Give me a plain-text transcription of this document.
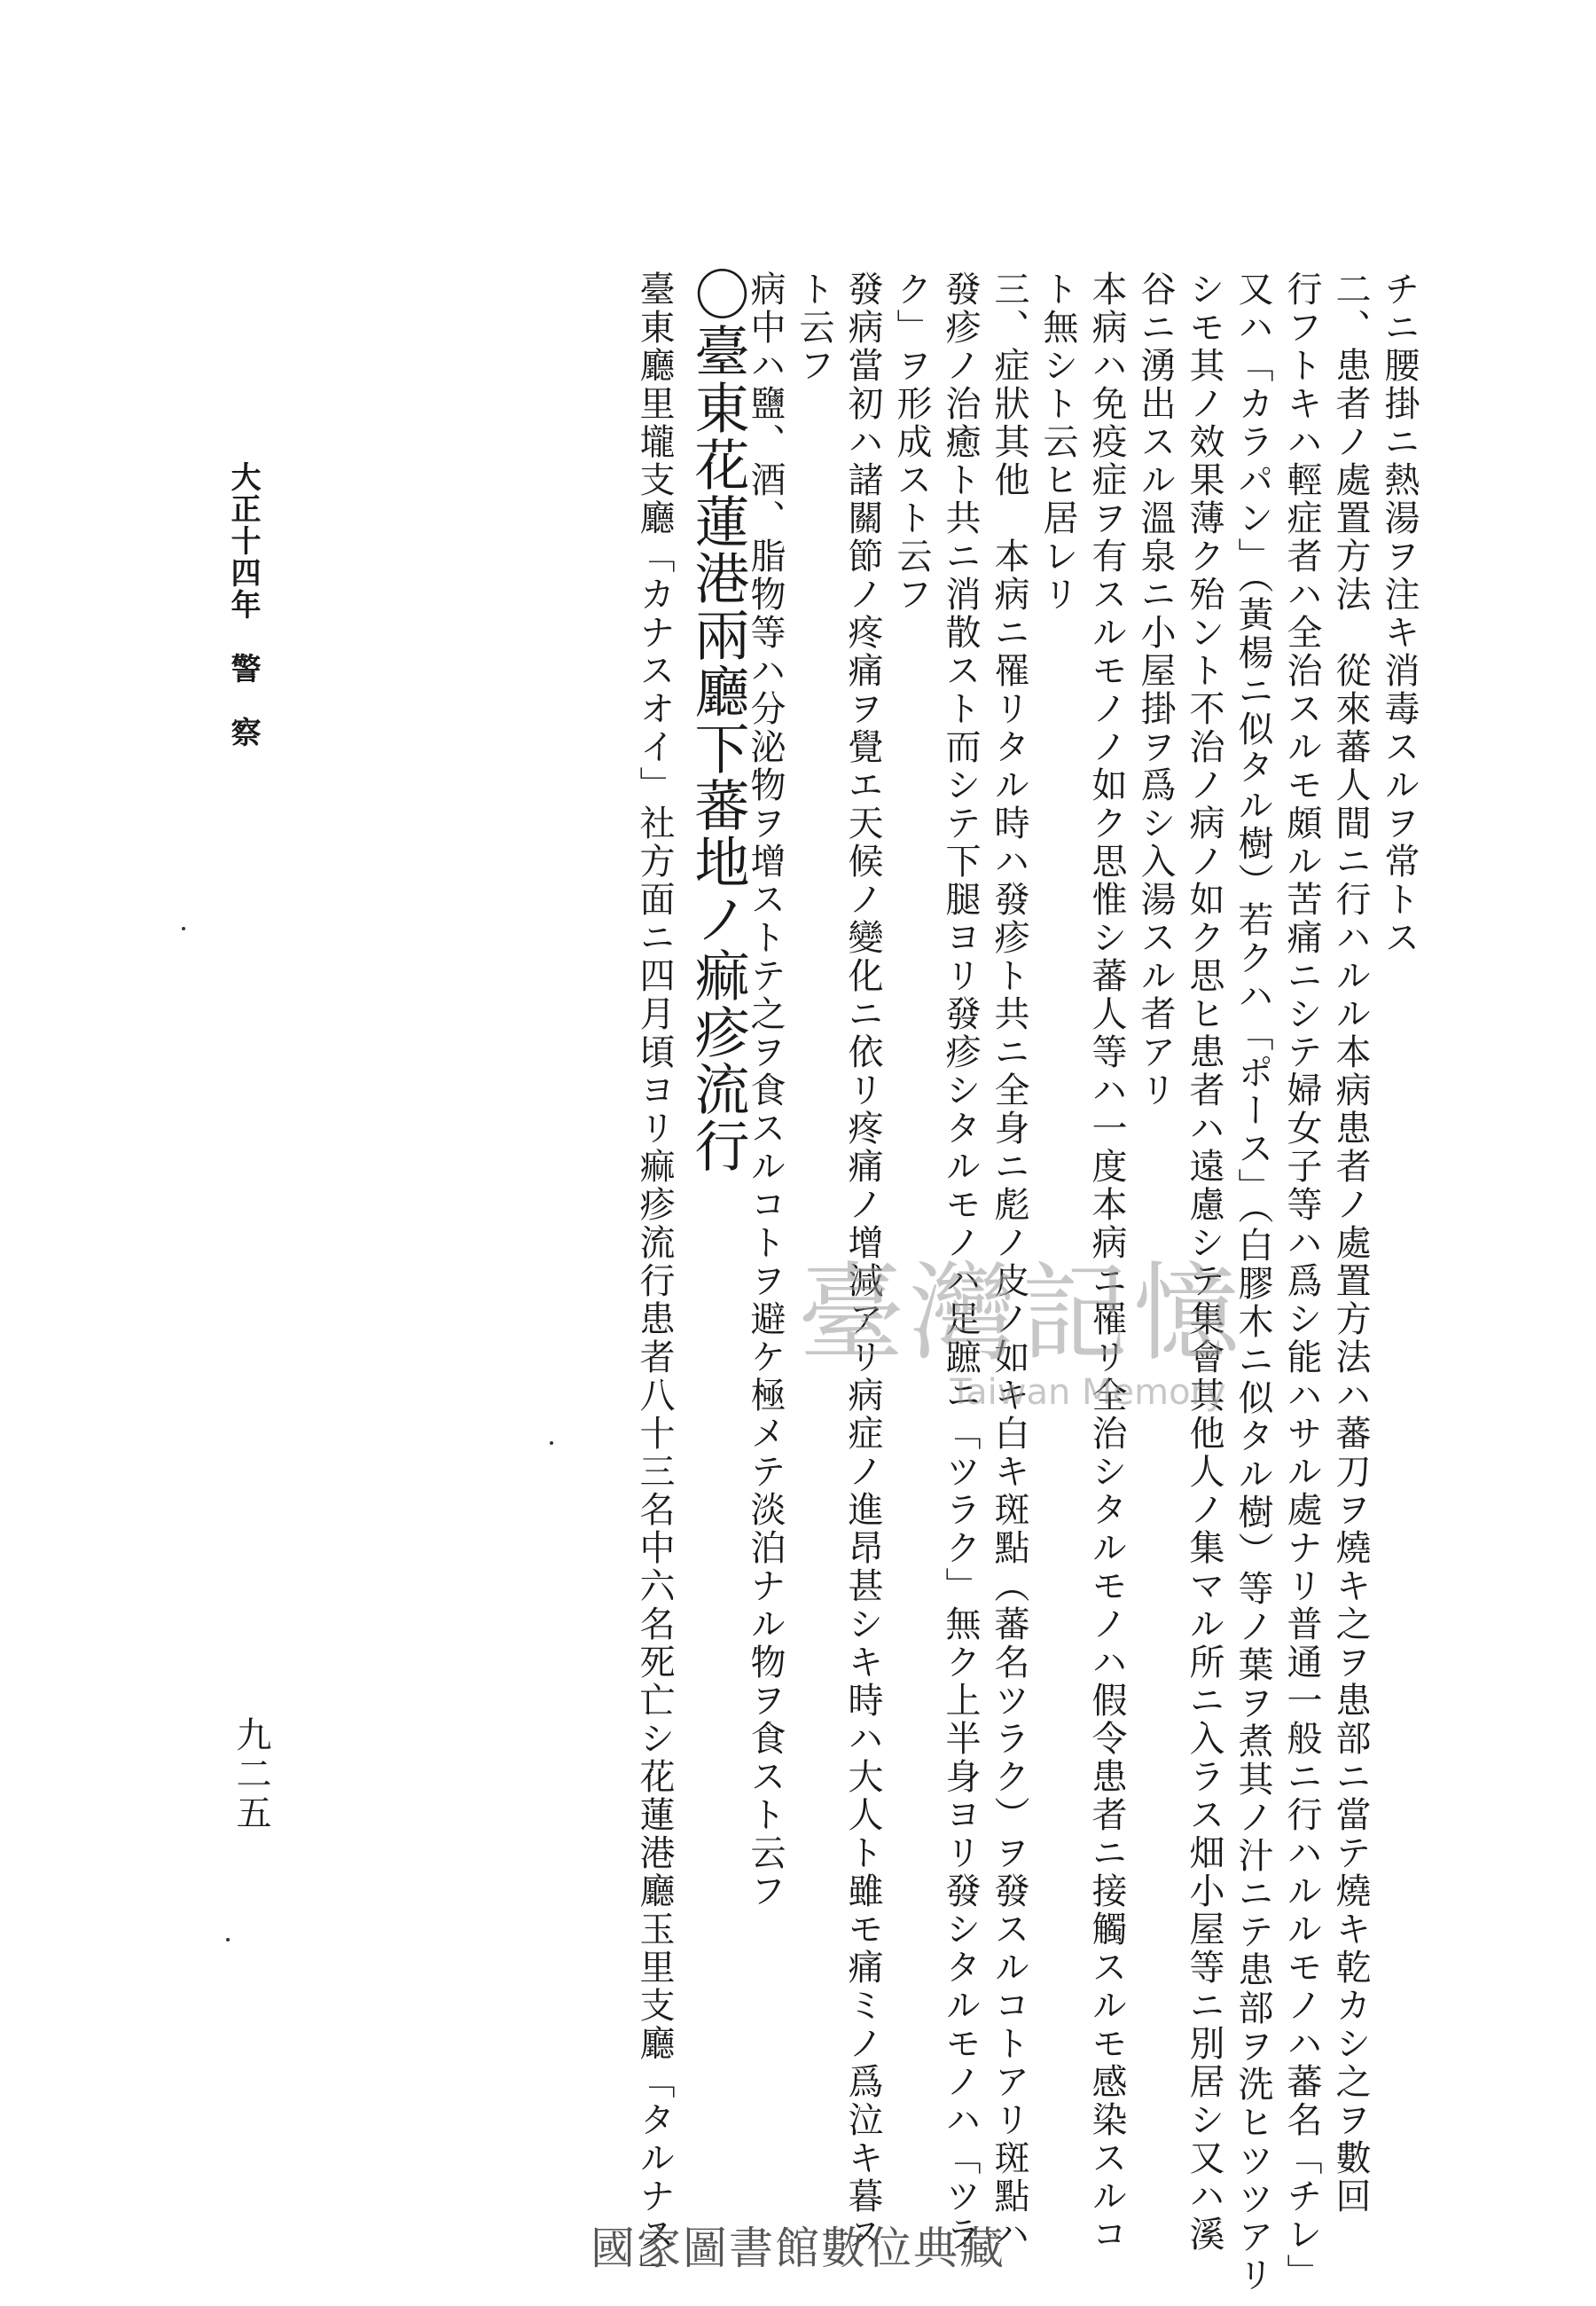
チニ腰掛ニ熱湯ヲ注キ消毒スルヲ常トス
二、患者ノ處置方法　從來蕃人間ニ行ハルル本病患者ノ處置方法ハ蕃刀ヲ燒キ之ヲ患部ニ當テ燒キ乾カシ之ヲ數回
行フトキハ輕症者ハ全治スルモ頗ル苦痛ニシテ婦女子等ハ爲シ能ハサル處ナリ普通一般ニ行ハルルモノハ蕃名「チレ」
又ハ「カラパン」（黃楊ニ似タル樹）若クハ「ポース」（白膠木ニ似タル樹）等ノ葉ヲ煮其ノ汁ニテ患部ヲ洗ヒツツアリ
シモ其ノ效果薄ク殆ント不治ノ病ノ如ク思ヒ患者ハ遠慮シテ集會其他人ノ集マル所ニ入ラス畑小屋等ニ別居シ又ハ溪
谷ニ湧出スル溫泉ニ小屋掛ヲ爲シ入湯スル者アリ
本病ハ免疫症ヲ有スルモノノ如ク思惟シ蕃人等ハ一度本病ニ罹リ全治シタルモノハ假令患者ニ接觸スルモ感染スルコ
ト無シト云ヒ居レリ
三、症狀其他　本病ニ罹リタル時ハ發疹ト共ニ全身ニ彪ノ皮ノ如キ白キ斑點（蕃名ツラク）ヲ發スルコトアリ斑點ハ
發疹ノ治癒ト共ニ消散スト而シテ下腿ヨリ發疹シタルモノハ足蹠ニ「ツラク」無ク上半身ヨリ發シタルモノハ「ツラ
ク」ヲ形成スト云フ
發病當初ハ諸關節ノ疼痛ヲ覺エ天候ノ變化ニ依リ疼痛ノ增減アリ病症ノ進昂甚シキ時ハ大人ト雖モ痛ミノ爲泣キ暮ス
ト云フ
病中ハ鹽、酒、脂物等ハ分泌物ヲ增ストテ之ヲ食スルコトヲ避ケ極メテ淡泊ナル物ヲ食スト云フ
〇臺東花蓮港兩廳下蕃地ノ痲疹流行
臺東廳里壠支廳「カナスオイ」社方面ニ四月頃ヨリ痲疹流行患者八十三名中六名死亡シ花蓮港廳玉里支廳「タルナス」
大正十四年　警　察
九二五
臺灣記憶
Taiwan Memory
國家圖書館數位典藏
